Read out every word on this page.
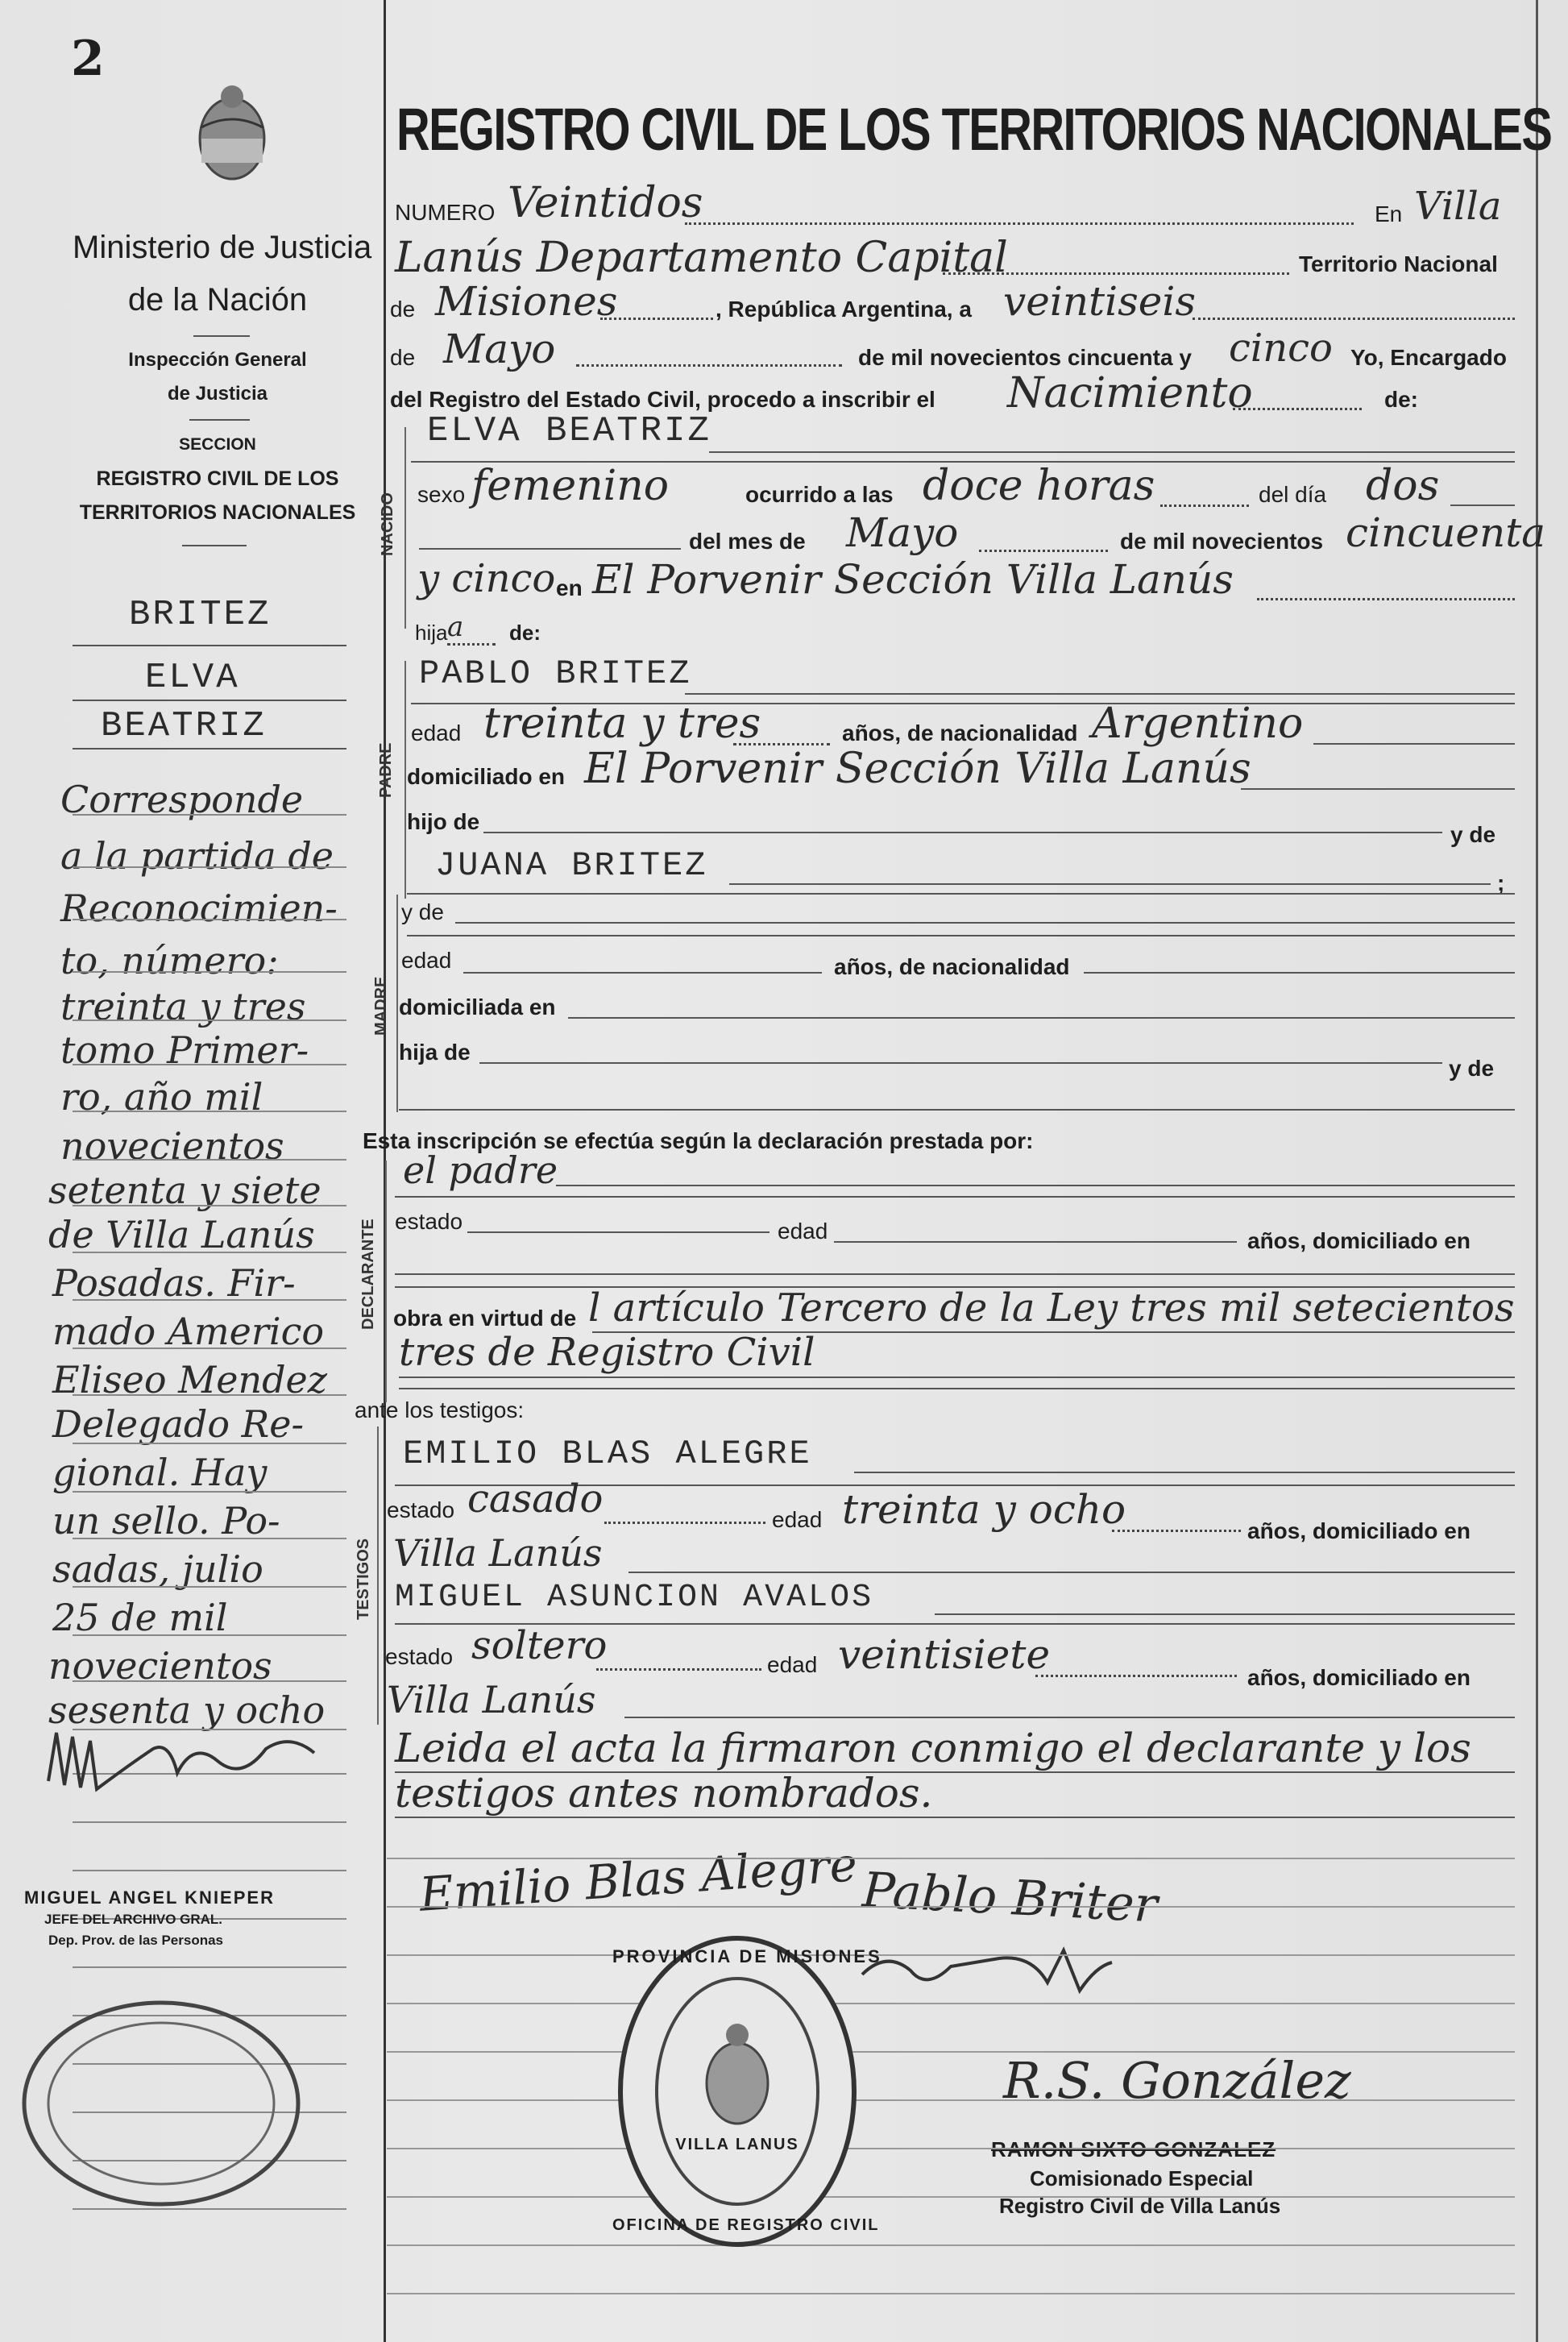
2
Ministerio de Justicia
de la Nación
Inspección General
de Justicia
SECCION
REGISTRO CIVIL DE LOS
TERRITORIOS NACIONALES
BRITEZ
ELVA
BEATRIZ
Corresponde
a la partida de
Reconocimien-
to, número:
treinta y tres
tomo Primer-
ro, año mil
novecientos
setenta y siete
de Villa Lanús
Posadas. Fir-
mado Americo
Eliseo Mendez
Delegado Re-
gional. Hay
un sello. Po-
sadas, julio
25 de mil
novecientos
sesenta y ocho
MIGUEL ANGEL KNIEPER
JEFE DEL ARCHIVO GRAL.
Dep. Prov. de las Personas
REGISTRO CIVIL DE LOS TERRITORIOS NACIONALES
NUMERO Veintidos	En Villa
Lanús Departamento Capital	Territorio Nacional
de Misiones	, República Argentina, a veintiseis
de Mayo	de mil novecientos cincuenta y cinco Yo, Encargado
del Registro del Estado Civil, procedo a inscribir el Nacimiento	de:
NACIDO
ELVA BEATRIZ
sexo femenino	ocurrido a las doce horas	del día dos
del mes de Mayo	de mil novecientos cincuenta
y cinco en El Porvenir Sección Villa Lanús
hija a de:
PADRE
PABLO BRITEZ
edad treinta y tres	años, de nacionalidad Argentino
domiciliado en El Porvenir Sección Villa Lanús
hijo de
y de
JUANA BRITEZ	;
MADRE
y de
edad	años, de nacionalidad
domiciliada en
hija de
y de
Esta inscripción se efectúa según la declaración prestada por:
DECLARANTE
el padre
estado	edad	años, domiciliado en
obra en virtud de l artículo Tercero de la Ley tres mil setecientos
tres de Registro Civil
ante los testigos:
TESTIGOS
EMILIO BLAS ALEGRE
estado casado	edad treinta y ocho	años, domiciliado en
Villa Lanús
MIGUEL ASUNCION AVALOS
estado soltero	edad veintisiete	años, domiciliado en
Villa Lanús
Leida el acta la firmaron conmigo el declarante y los
testigos antes nombrados.
Emilio Blas Alegre Pablo Briter
R.S. González
RAMON SIXTO GONZALEZ
Comisionado Especial
Registro Civil de Villa Lanús
PROVINCIA DE MISIONES
VILLA LANUS
OFICINA DE REGISTRO CIVIL
